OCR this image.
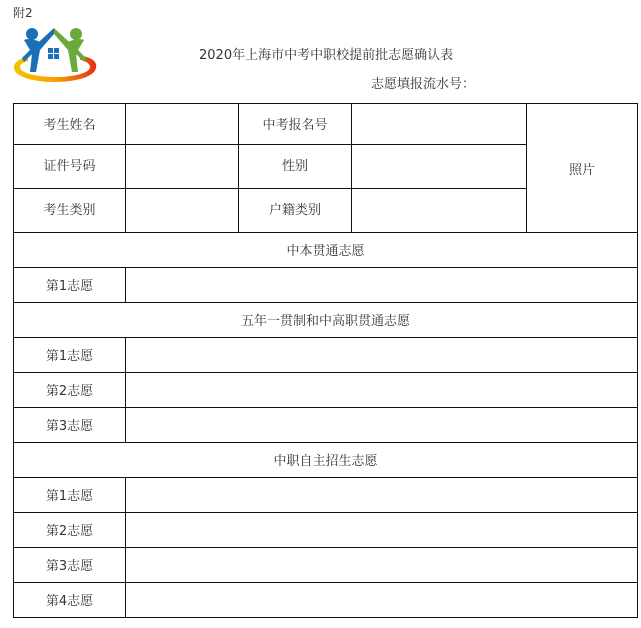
附2
2020年上海市中考中职校提前批志愿确认表
志愿填报流水号：
考生姓名		中考报名号		照片
证件号码		性别		
考生类别		户籍类别		
中本贯通志愿				
第1志愿				
五年一贯制和中高职贯通志愿				
第1志愿				
第2志愿				
第3志愿				
中职自主招生志愿				
第1志愿				
第2志愿				
第3志愿				
第4志愿				
